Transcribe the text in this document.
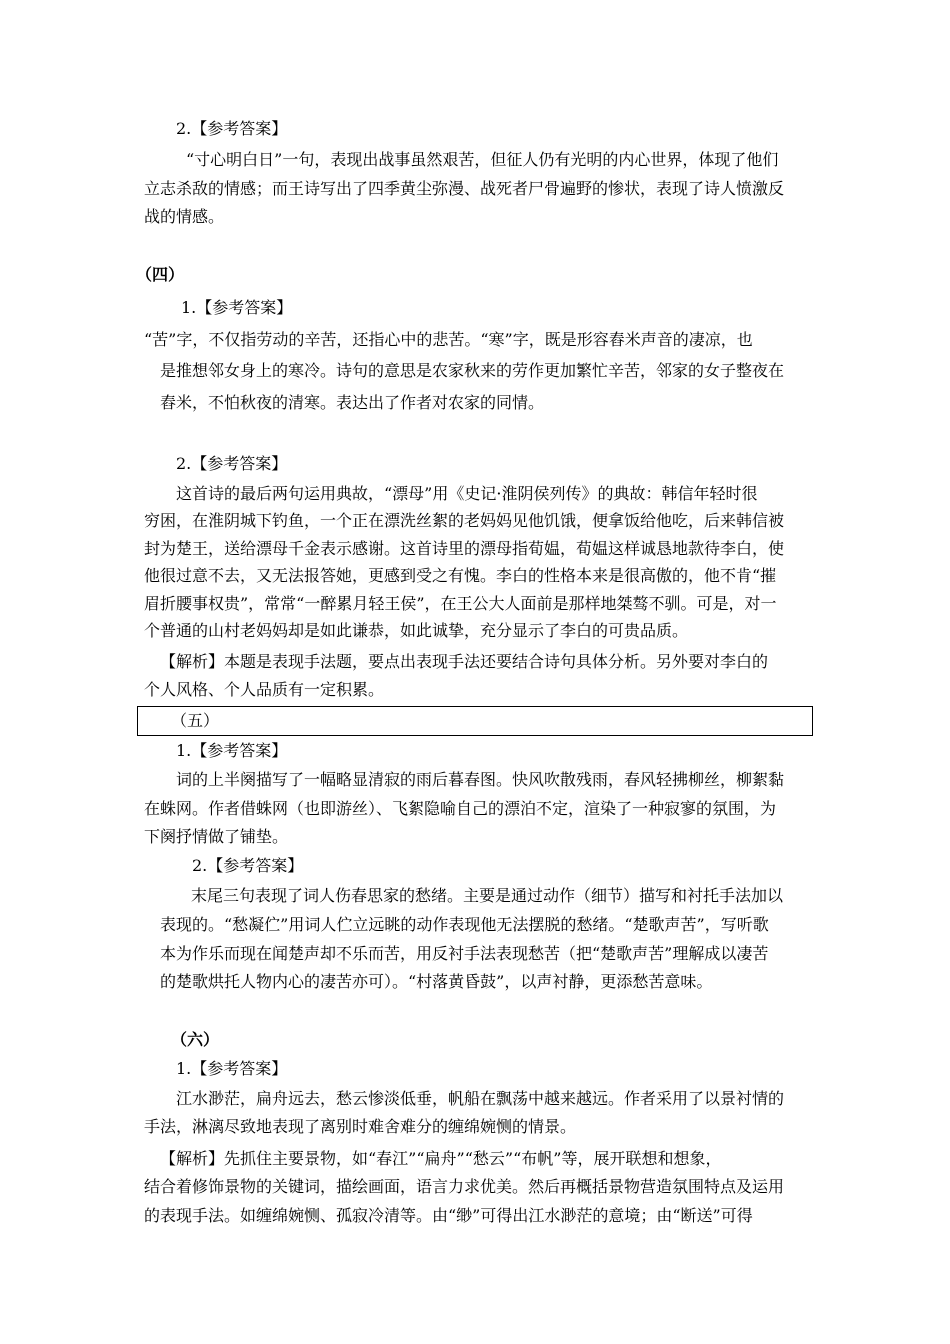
2.【参考答案】
“寸心明白日”一句，表现出战事虽然艰苦，但征人仍有光明的内心世界，体现了他们
立志杀敌的情感；而王诗写出了四季黄尘弥漫、战死者尸骨遍野的惨状，表现了诗人愤激反
战的情感。
（四）
1.【参考答案】
“苦”字，不仅指劳动的辛苦，还指心中的悲苦。“寒”字，既是形容舂米声音的凄凉，也
是推想邻女身上的寒冷。诗句的意思是农家秋来的劳作更加繁忙辛苦，邻家的女子整夜在
舂米，不怕秋夜的清寒。表达出了作者对农家的同情。
2.【参考答案】
这首诗的最后两句运用典故，“漂母”用《史记·淮阴侯列传》的典故：韩信年轻时很
穷困，在淮阴城下钓鱼，一个正在漂洗丝絮的老妈妈见他饥饿，便拿饭给他吃，后来韩信被
封为楚王，送给漂母千金表示感谢。这首诗里的漂母指荀媪，荀媪这样诚恳地款待李白，使
他很过意不去，又无法报答她，更感到受之有愧。李白的性格本来是很高傲的，他不肯“摧
眉折腰事权贵”，常常“一醉累月轻王侯”，在王公大人面前是那样地桀骜不驯。可是，对一
个普通的山村老妈妈却是如此谦恭，如此诚挚，充分显示了李白的可贵品质。
【解析】本题是表现手法题，要点出表现手法还要结合诗句具体分析。另外要对李白的
个人风格、个人品质有一定积累。
（五）
1.【参考答案】
词的上半阕描写了一幅略显清寂的雨后暮春图。快风吹散残雨，春风轻拂柳丝，柳絮黏
在蛛网。作者借蛛网（也即游丝）、飞絮隐喻自己的漂泊不定，渲染了一种寂寥的氛围，为
下阕抒情做了铺垫。
2.【参考答案】
末尾三句表现了词人伤春思家的愁绪。主要是通过动作（细节）描写和衬托手法加以
表现的。“愁凝伫”用词人伫立远眺的动作表现他无法摆脱的愁绪。“楚歌声苦”，写听歌
本为作乐而现在闻楚声却不乐而苦，用反衬手法表现愁苦（把“楚歌声苦”理解成以凄苦
的楚歌烘托人物内心的凄苦亦可）。“村落黄昏鼓”，以声衬静，更添愁苦意味。
（六）
1.【参考答案】
江水渺茫，扁舟远去，愁云惨淡低垂，帆船在飘荡中越来越远。作者采用了以景衬情的
手法，淋漓尽致地表现了离别时难舍难分的缠绵婉恻的情景。
【解析】先抓住主要景物，如“春江”“扁舟”“愁云”“布帆”等，展开联想和想象，
结合着修饰景物的关键词，描绘画面，语言力求优美。然后再概括景物营造氛围特点及运用
的表现手法。如缠绵婉恻、孤寂冷清等。由“缈”可得出江水渺茫的意境；由“断送”可得
